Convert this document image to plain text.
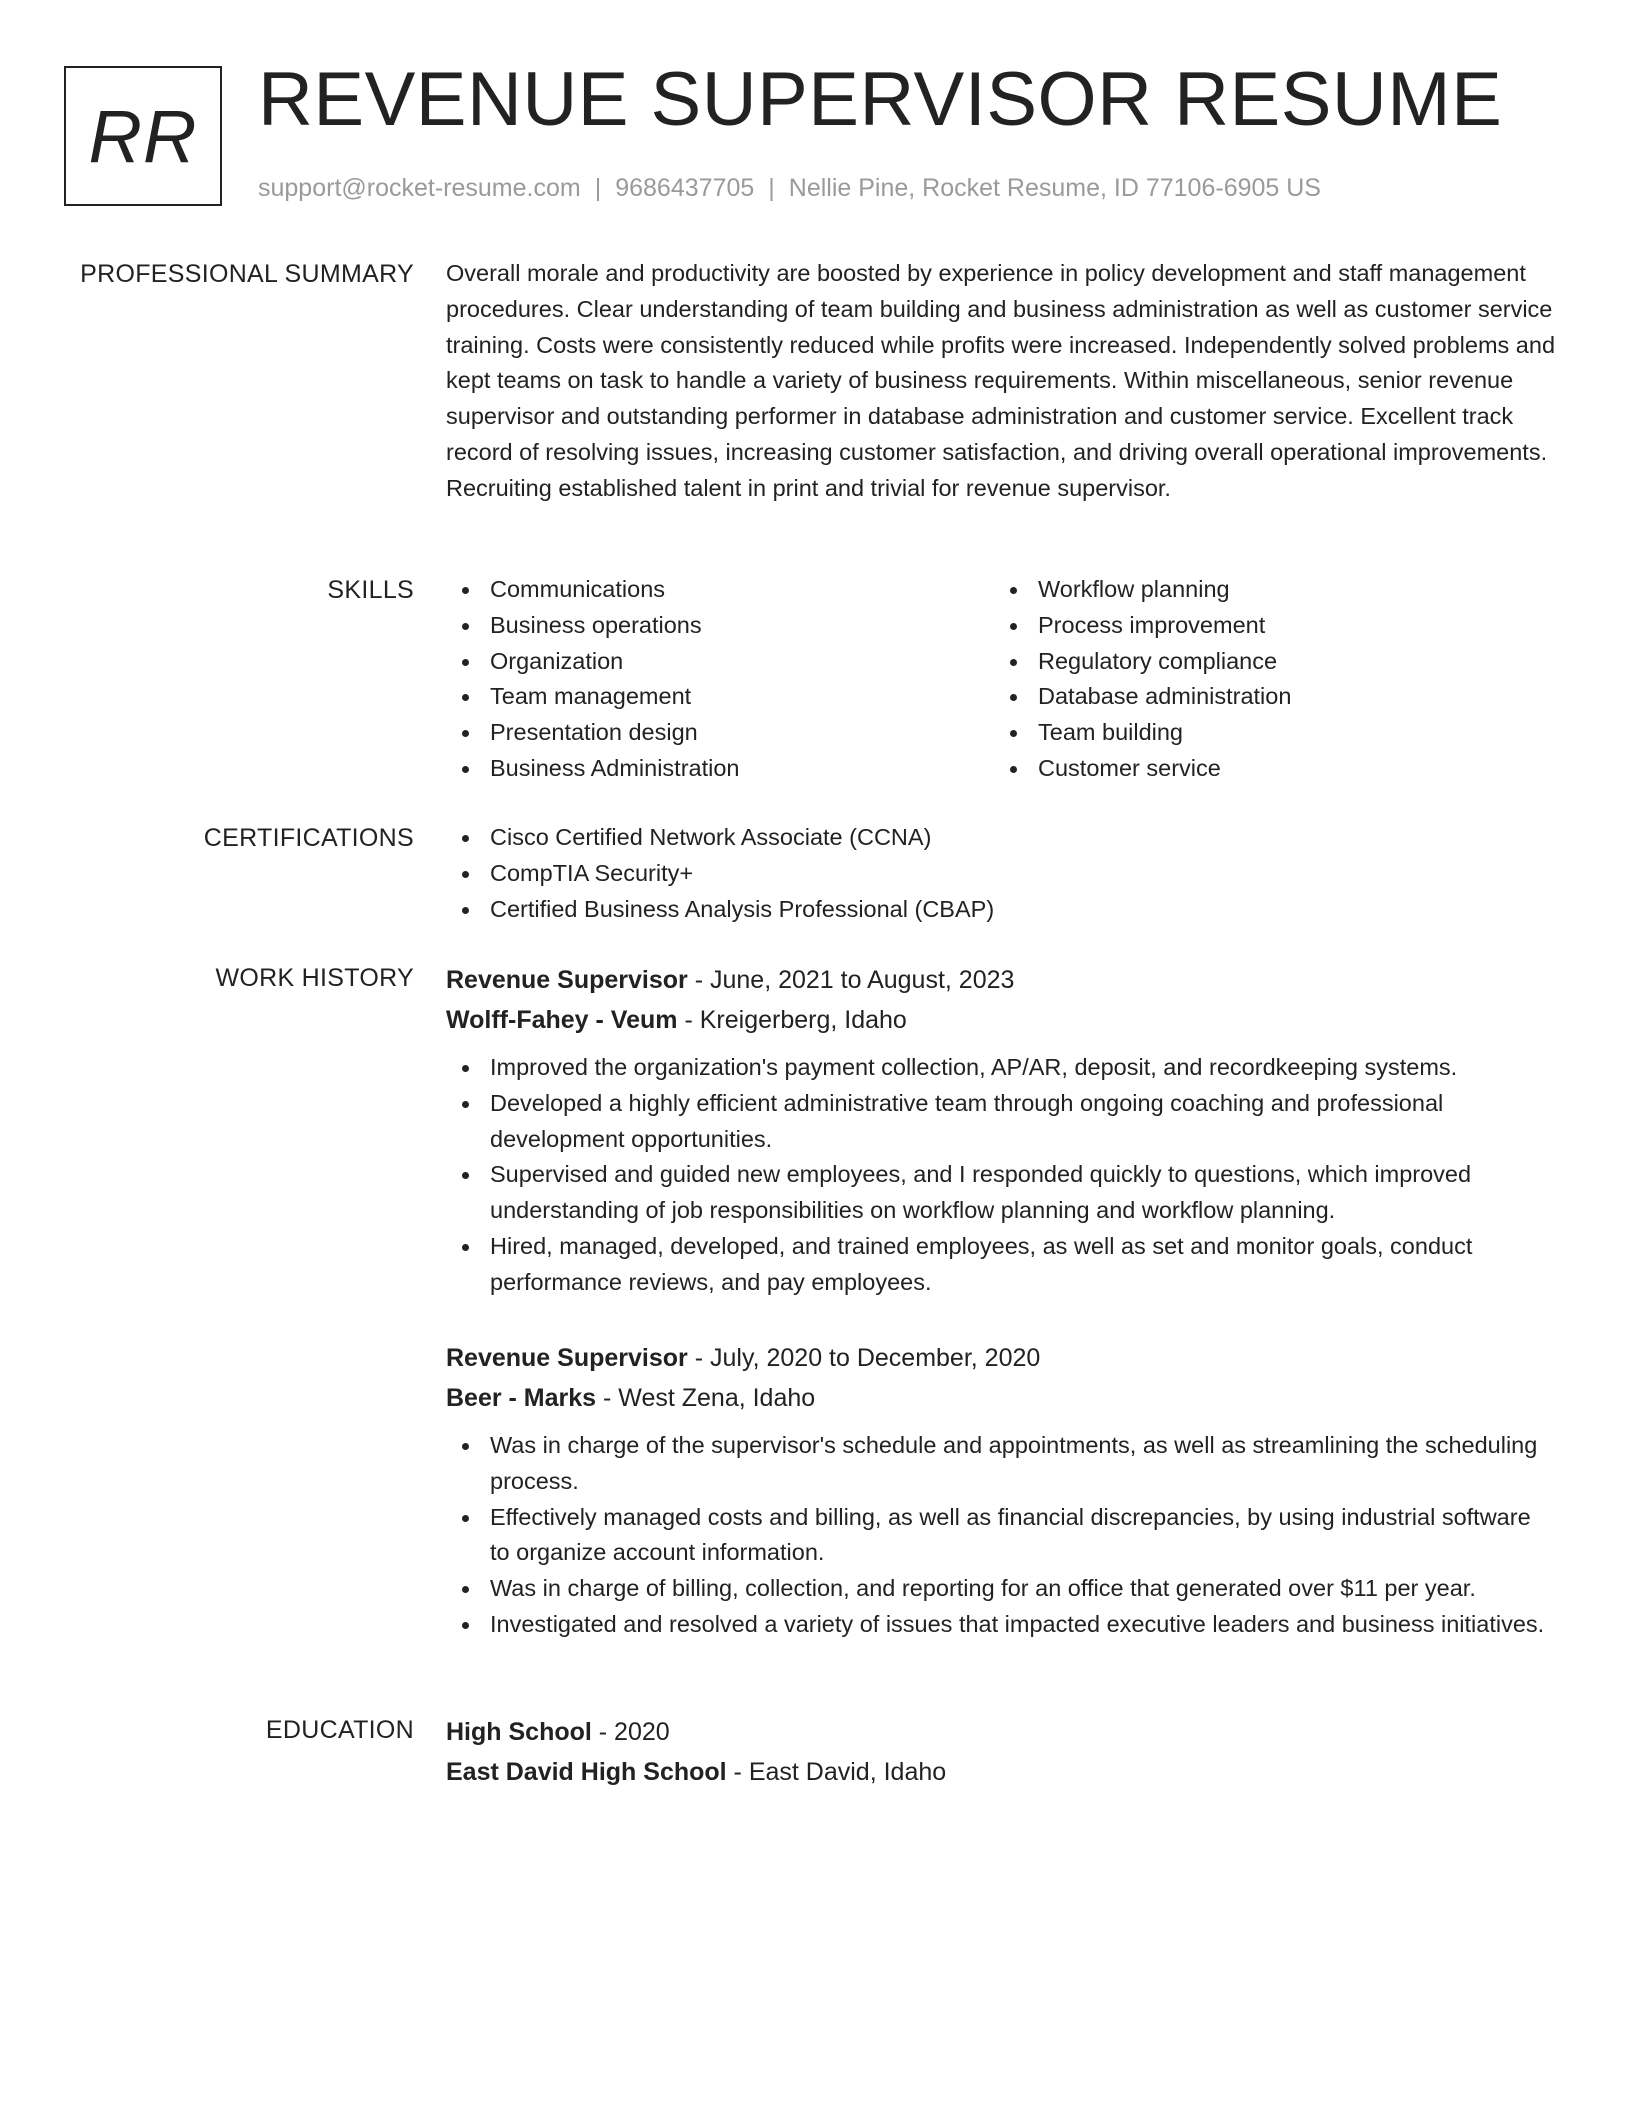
RR REVENUE SUPERVISOR RESUME
support@rocket-resume.com | 9686437705 | Nellie Pine, Rocket Resume, ID 77106-6905 US
PROFESSIONAL SUMMARY Overall morale and productivity are boosted by experience in policy development and staff management procedures. Clear understanding of team building and business administration as well as customer service training. Costs were consistently reduced while profits were increased. Independently solved problems and kept teams on task to handle a variety of business requirements. Within miscellaneous, senior revenue supervisor and outstanding performer in database administration and customer service. Excellent track record of resolving issues, increasing customer satisfaction, and driving overall operational improvements. Recruiting established talent in print and trivial for revenue supervisor.

SKILLS	Communications
Business operations
Organization
Team management
Presentation design
Business Administration
Workflow planning
Process improvement
Regulatory compliance
Database administration
Team building
Customer service
CERTIFICATIONS	Cisco Certified Network Associate (CCNA)
CompTIA Security+
Certified Business Analysis Professional (CBAP)
WORK HISTORY Revenue Supervisor - June, 2021 to August, 2023
Wolff-Fahey - Veum - Kreigerberg, Idaho
Improved the organization's payment collection, AP/AR, deposit, and recordkeeping systems.
Developed a highly efficient administrative team through ongoing coaching and professional development opportunities.
Supervised and guided new employees, and I responded quickly to questions, which improved understanding of job responsibilities on workflow planning and workflow planning.
Hired, managed, developed, and trained employees, as well as set and monitor goals, conduct performance reviews, and pay employees.
Revenue Supervisor - July, 2020 to December, 2020
Beer - Marks - West Zena, Idaho
Was in charge of the supervisor's schedule and appointments, as well as streamlining the scheduling process.
Effectively managed costs and billing, as well as financial discrepancies, by using industrial software to organize account information.
Was in charge of billing, collection, and reporting for an office that generated over $11 per year.
Investigated and resolved a variety of issues that impacted executive leaders and business initiatives.
EDUCATION High School - 2020
East David High School - East David, Idaho
